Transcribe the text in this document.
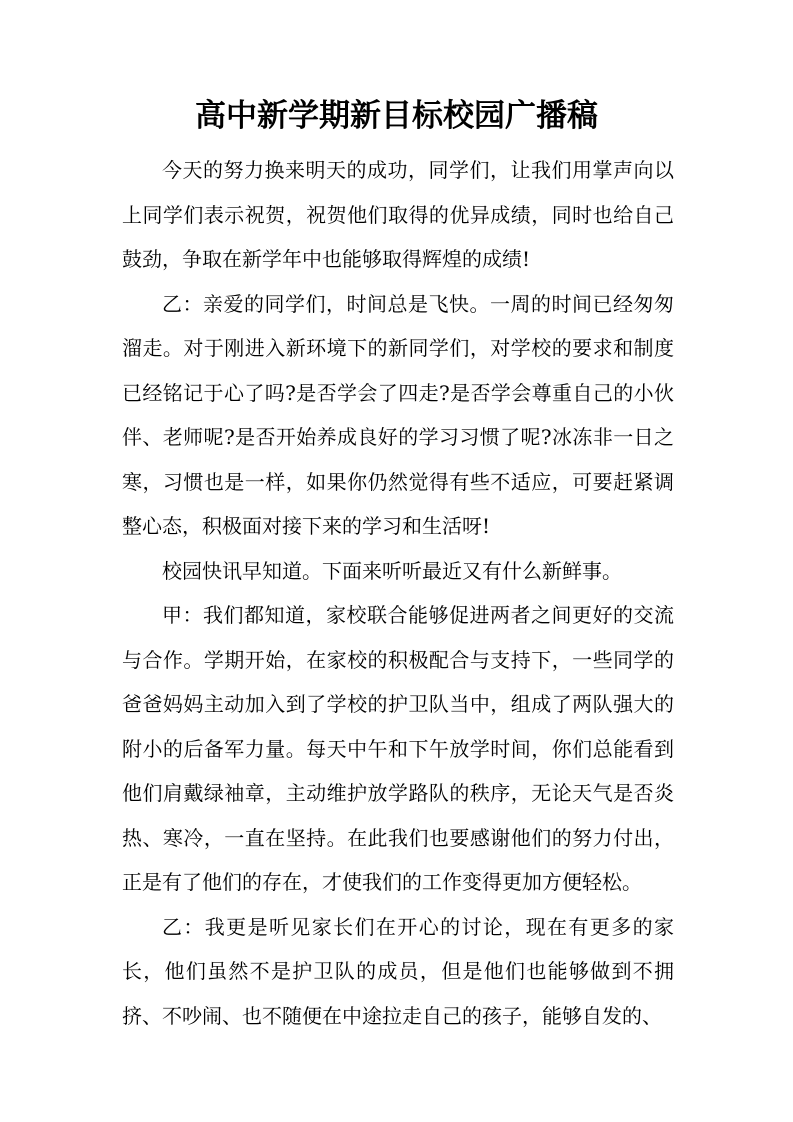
高中新学期新目标校园广播稿

今天的努力换来明天的成功，同学们，让我们用掌声向以上同学们表示祝贺，祝贺他们取得的优异成绩，同时也给自己鼓劲，争取在新学年中也能够取得辉煌的成绩!

乙：亲爱的同学们，时间总是飞快。一周的时间已经匆匆溜走。对于刚进入新环境下的新同学们，对学校的要求和制度已经铭记于心了吗?是否学会了四走?是否学会尊重自己的小伙伴、老师呢?是否开始养成良好的学习习惯了呢?冰冻非一日之寒，习惯也是一样，如果你仍然觉得有些不适应，可要赶紧调整心态，积极面对接下来的学习和生活呀!

校园快讯早知道。下面来听听最近又有什么新鲜事。

甲：我们都知道，家校联合能够促进两者之间更好的交流与合作。学期开始，在家校的积极配合与支持下，一些同学的爸爸妈妈主动加入到了学校的护卫队当中，组成了两队强大的附小的后备军力量。每天中午和下午放学时间，你们总能看到他们肩戴绿袖章，主动维护放学路队的秩序，无论天气是否炎热、寒冷，一直在坚持。在此我们也要感谢他们的努力付出，正是有了他们的存在，才使我们的工作变得更加方便轻松。

乙：我更是听见家长们在开心的讨论，现在有更多的家长，他们虽然不是护卫队的成员，但是他们也能够做到不拥挤、不吵闹、也不随便在中途拉走自己的孩子，能够自发的、
